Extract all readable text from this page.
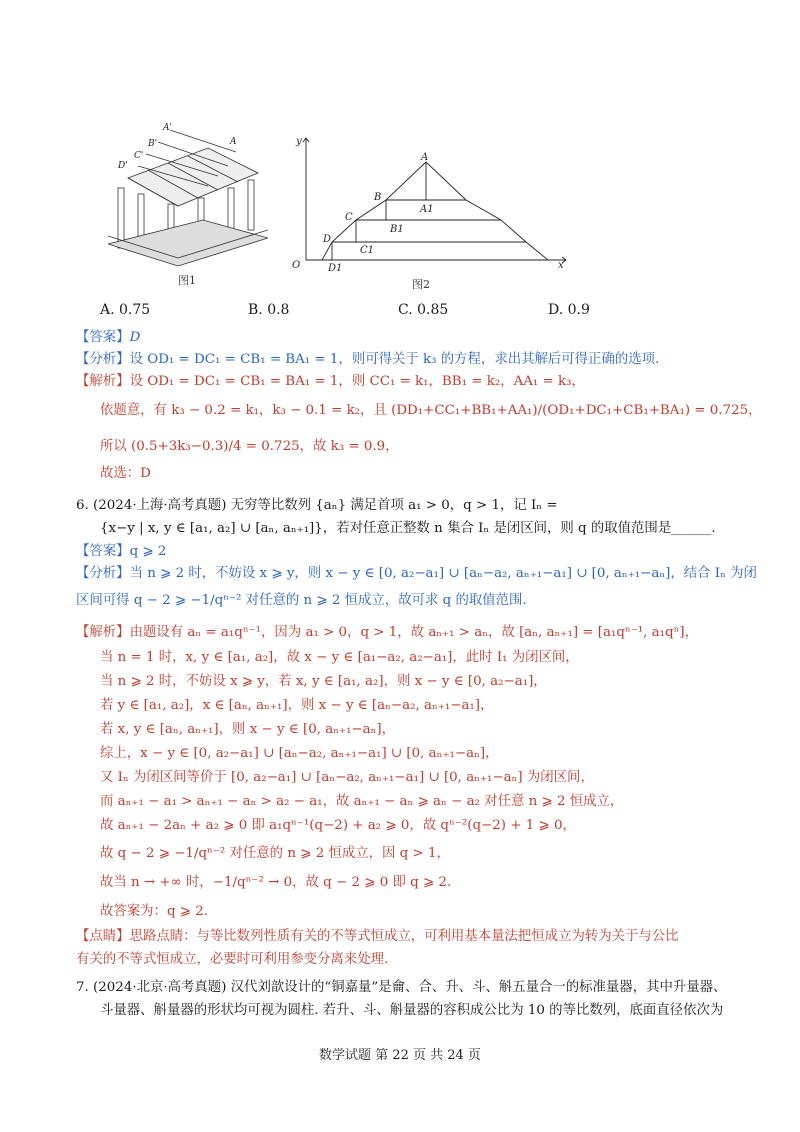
A'
A
B'
C'
D'
图1
y
x
O
A
B
A1
C
B1
D
C1
D1
图2
A. 0.75	B. 0.8	C. 0.85	D. 0.9
【答案】D
【分析】设 OD₁ = DC₁ = CB₁ = BA₁ = 1，则可得关于 k₃ 的方程，求出其解后可得正确的选项.
【解析】设 OD₁ = DC₁ = CB₁ = BA₁ = 1，则 CC₁ = k₁，BB₁ = k₂，AA₁ = k₃，
依题意，有 k₃ − 0.2 = k₁，k₃ − 0.1 = k₂，且 (DD₁+CC₁+BB₁+AA₁)/(OD₁+DC₁+CB₁+BA₁) = 0.725，
所以 (0.5+3k₃−0.3)/4 = 0.725，故 k₃ = 0.9，
故选：D
6. (2024·上海·高考真题) 无穷等比数列 {aₙ} 满足首项 a₁ > 0，q > 1，记 Iₙ =
{x−y | x, y ∈ [a₁, a₂] ∪ [aₙ, aₙ₊₁]}，若对任意正整数 n 集合 Iₙ 是闭区间，则 q 的取值范围是______.
【答案】q ⩾ 2
【分析】当 n ⩾ 2 时，不妨设 x ⩾ y，则 x − y ∈ [0, a₂−a₁] ∪ [aₙ−a₂, aₙ₊₁−a₁] ∪ [0, aₙ₊₁−aₙ]，结合 Iₙ 为闭
区间可得 q − 2 ⩾ −1/qⁿ⁻² 对任意的 n ⩾ 2 恒成立，故可求 q 的取值范围.
【解析】由题设有 aₙ = a₁qⁿ⁻¹，因为 a₁ > 0，q > 1，故 aₙ₊₁ > aₙ，故 [aₙ, aₙ₊₁] = [a₁qⁿ⁻¹, a₁qⁿ]，
当 n = 1 时，x, y ∈ [a₁, a₂]，故 x − y ∈ [a₁−a₂, a₂−a₁]，此时 I₁ 为闭区间，
当 n ⩾ 2 时，不妨设 x ⩾ y，若 x, y ∈ [a₁, a₂]，则 x − y ∈ [0, a₂−a₁]，
若 y ∈ [a₁, a₂]，x ∈ [aₙ, aₙ₊₁]，则 x − y ∈ [aₙ−a₂, aₙ₊₁−a₁]，
若 x, y ∈ [aₙ, aₙ₊₁]，则 x − y ∈ [0, aₙ₊₁−aₙ]，
综上，x − y ∈ [0, a₂−a₁] ∪ [aₙ−a₂, aₙ₊₁−a₁] ∪ [0, aₙ₊₁−aₙ]，
又 Iₙ 为闭区间等价于 [0, a₂−a₁] ∪ [aₙ−a₂, aₙ₊₁−a₁] ∪ [0, aₙ₊₁−aₙ] 为闭区间，
而 aₙ₊₁ − a₁ > aₙ₊₁ − aₙ > a₂ − a₁，故 aₙ₊₁ − aₙ ⩾ aₙ − a₂ 对任意 n ⩾ 2 恒成立，
故 aₙ₊₁ − 2aₙ + a₂ ⩾ 0 即 a₁qⁿ⁻¹(q−2) + a₂ ⩾ 0，故 qⁿ⁻²(q−2) + 1 ⩾ 0，
故 q − 2 ⩾ −1/qⁿ⁻² 对任意的 n ⩾ 2 恒成立，因 q > 1，
故当 n → +∞ 时，−1/qⁿ⁻² → 0，故 q − 2 ⩾ 0 即 q ⩾ 2.
故答案为：q ⩾ 2.
【点睛】思路点睛：与等比数列性质有关的不等式恒成立，可利用基本量法把恒成立为转为关于与公比
有关的不等式恒成立，必要时可利用参变分离来处理.
7. (2024·北京·高考真题) 汉代刘歆设计的“铜嘉量”是龠、合、升、斗、斛五量合一的标准量器，其中升量器、
斗量器、斛量器的形状均可视为圆柱. 若升、斗、斛量器的容积成公比为 10 的等比数列，底面直径依次为
数学试题 第 22 页 共 24 页
